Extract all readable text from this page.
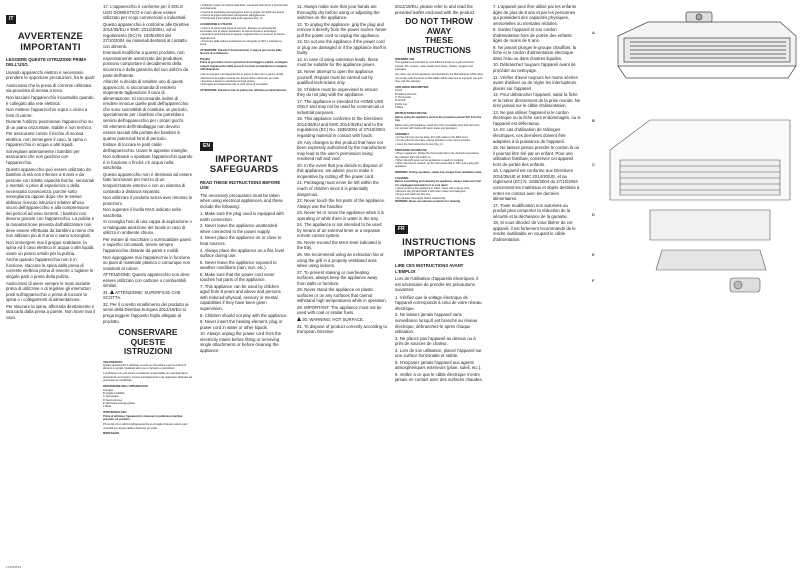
IT
AVVERTENZE
IMPORTANTI
LEGGERE QUESTE ISTRUZIONI PRIMA DELL'USO.

Usando apparecchi elettrici è necessario prendere le opportune precauzioni, fra le quali:

Assicurarsi che la presa di corrente utilizzata sia provvista di messa a terra.

Non lasciare l'apparecchio incustodito quando è collegato alla rete elettrica.

Non mettere l'apparecchio sopra o vicino a fonti di calore.

Durante l'utilizzo posizionare l'apparecchio su di un piano orizzontale, stabile e non termico.

Per assicurarsi contro il rischio di scossa elettrica, non immergere il cavo, la spina o l'apparecchio in acqua o altri liquidi.

Sorvegliare attentamente i bambini per assicurarsi che non giochino con l'apparecchio.

Questo apparecchio può essere utilizzato da bambini di età non inferiore a 8 anni e da persone con ridotte capacità fisiche, sensoriali o mentali, o prive di esperienza o della necessaria conoscenza, purché sotto sorveglianza oppure dopo che le stesse abbiano ricevuto istruzioni relative all'uso sicuro dell'apparecchio e alla comprensione dei pericoli ad esso inerenti. I bambini non devono giocare con l'apparecchio. La pulizia e la manutenzione prevista dall'utilizzatore non deve essere effettuata da bambini a meno che non abbiano più di 8 anni e siano sorvegliati.

Non immergere mai il gruppo scaldante, la spina ed il cavo elettrico in acqua o altri liquidi, usare un panno umido per la pulizia.

Anche quando l'apparecchio non è in funzione, staccare la spina dalla presa di corrente elettrica prima di inserire o togliere le singole parti o prima della pulizia.

Assicurarsi di avere sempre le mani asciutte prima di utilizzare o di regolare gli interruttori posti sull'apparecchio o prima di toccare la spina o i collegamenti di alimentazione.

Per staccare la spina, afferrarla direttamente e staccarla dalla presa a parete. Non tirare mai il cavo.

17. L'apparecchio è conforme per il SOLO USO DOMESTICO e non deve essere utilizzato per scopi commerciali o industriali.

Questo apparecchio è conforme alle Direttive 2014/35/EU e EMC 2014/30/EU, ed al regolamento (EC) N. 1935/2004 del 27/10/2004 sui materiali destinati al contatto con alimenti.

Eventuali modifiche a questo prodotto, non espressamente autorizzate dal produttore, possono comportare il decadimento della sicurezza e della garanzia del suo utilizzo da parte dell'utente.

Allorché si decida di smaltire uno di questi apparecchi, si raccomanda di renderlo inoperante tagliandone il cavo di alimentazione. Si raccomanda inoltre di rendere innocue quelle parti dell'apparecchio che sono suscettibili di costituire un pericolo, specialmente per i bambini che potrebbero servirsi dell'apparecchio per i propri giochi.

Gli elementi dell'imballaggio non devono essere lasciati alla portata dei bambini in quanto potenziali fonti di pericolo.

Evitare di toccare le parti calde dell'apparecchio. Usare le apposite maniglie.

Non sollevare o spostare l'apparecchio quando è in funzione o finché c'è acqua nella vaschetta.

Questo apparecchio non è destinato ad essere fatto funzionare per mezzo di un temporizzatore esterno o con un sistema di comando a distanza separato.

Non utilizzare il prodotto senza aver rimosso le protezioni.

Non superare il livello MAX indicato nella vaschetta.

Si consiglia l'uso di una cappa di aspirazione o un'adeguata aerazione del locale in caso di utilizzo in ambiente chiuso.

Per evitare di macchiare o surriscaldare pareti e superfici circostanti, tenere sempre l'apparecchio distante da pareti e mobili.

Non appoggiare mai l'apparecchio in funzione su piani di materiale plastico o comunque non resistenti al calore.

ATTENZIONE: Questo apparecchio non deve essere utilizzato con carbone o combustibili similari.

31.  ATTENZIONE: SUPERFICIE CHE SCOTTA.

32. Per il corretto smaltimento del prodotto ai sensi della Direttiva Europea 2012/19/EU si prega leggere l'apposito foglio allegato al prodotto.

CONSERVARE QUESTE
ISTRUZIONI
USO PREVISTO
Questo apparecchio è destinato al solo uso domestico e per la cottura di alimenti su griglia. Qualsiasi altro uso è improprio e pericoloso.
Il produttore non può essere considerato responsabile per eventuali danni derivanti da usi impropri, erronei ed irragionevoli o da riparazioni effettuate da personale non qualificato.
DESCRIZIONE DELL'APPARECCHIO
A Griglia
B Griglia rivoltabile
C Termostato
D Spia luminosa
E Vaschetta raccogli-grasso
F Base
ISTRUZIONI D'USO
Prima di utilizzare l'apparecchio rimuovere la pellicola protettiva presente sul prodotto.
Prima del primo utilizzo dell'apparecchio si consiglia di lavare tutte le parti rimovibili con acqua calda e detersivo per piatti.
MONTAGGIO
• Collocare il piano di cottura sulla base, prestando attenzione a posizionarlo correttamente.
• Inserire la vaschetta raccogli-grasso sotto la griglia; riempirla con acqua.
• Inserire la griglia sulla base nell'apposito alloggiamento.
• Posizionare il termostato nella sede apposita (Fig. C).
ACCENSIONE E UTILIZZO
• Inserire la spina nella presa di corrente. Ruotare la manopola del termostato fino al valore desiderato; la spia luminosa si accenderà.
• Quando la spia luminosa si spegne, l'apparecchio è pronto per la cottura degli alimenti.
• Al termine della cottura posizionare la manopola su OFF e staccare la spina.
ATTENZIONE: Durante il funzionamento, il vapore può uscire dalle fessure di ventilazione.
PULIZIA
Prima di procedere con le operazioni di montaggio e pulizia, scollegare sempre l'apparecchio dalla presa di corrente ed attenderne il completo raffreddamento.
• Non immergere mai l'apparecchio in acqua. Pulire con un panno umido.
• Rimuovere la griglia e lavarla con acqua calda e detersivo per piatti.
• Svuotare e lavare la vaschetta raccogli-grasso.
• Asciugare accuratamente tutte le parti prima di rimontarle.
ATTENZIONE: Durante le fasi di pulizia non utilizzare prodotti abrasivi.
EN
IMPORTANT
SAFEGUARDS
READ THESE INSTRUCTIONS BEFORE USE
The necessary precautions must be taken when using electrical appliances, and these include the following:

1. Make sure the plug used is equipped with earth connection.

2. Never leave the appliance unattended when connected to the power supply.

3. Never place the appliance on or close to heat sources.

4. Always place the appliance on a flat, level surface during use.

5. Never leave the appliance exposed to weather conditions (rain, sun, etc.).

6. Make sure that the power cord never touches hot parts of the appliance.

7. This appliance can be used by children aged from 8 years and above and persons with reduced physical, sensory or mental capabilities if they have been given supervision.

8. Children should not play with the appliance.

9. Never insert the heating element, plug or power cord in water or other liquids.

10. Always unplug the power cord from the electricity mains before fitting or removing single attachments or before cleaning the appliance.

11. Always make sure that your hands are thoroughly dry before using or adjusting the switches on the appliance.

12. To unplug the appliance, grip the plug and remove it directly from the power socket. Never pull the power cord to unplug the appliance.

13. Do not use the appliance if the power cord or plug are damaged or if the appliance itself is faulty.

14. In case of using extension leads, these must be suitable for the appliance power.

15. Never attempt to open the appliance yourself. Repairs must be carried out by qualified technicians only.

16. Children must be supervised to ensure they do not play with the appliance.

17. The appliance is intended for HOME USE ONLY and may not be used for commercial or industrial purposes.

18. This appliance conforms to the Directives 2014/35/EU and EMC 2014/30/EU and to the regulations (EC) No. 1935/2004 of 27/10/2004 regarding material in contact with foods.

19. Any changes to this product that have not been expressly authorised by the manufacturer may lead to the user's permission being rendered null and void.

20. In the event that you decide to dispose of this appliance, we advise you to make it inoperative by cutting off the power cord.

21. Packaging must never be left within the reach of children since it is potentially dangerous.

22. Never touch the hot parts of the appliance. Always use the handles.

23. Never let or move the appliance when it is operating or while there is water in the tray.

24. The appliance is not intended to be used by means of an external timer or a separate remote control system.

25. Never exceed the MAX level indicated in the tray.

26. We recommend using an extraction fan or using the grill in a properly ventilated area when using indoors.

27. To prevent staining or overheating surfaces, always keep the appliance away from walls or furniture.

28. Never stand the appliance on plastic surfaces or on any surfaces that cannot withstand high temperatures while in operation.

29. IMPORTANT: The appliance must not be used with coal or similar fuels.

30. WARNING: HOT SURFACE.

31. To dispose of product correctly according to European Directive

2012/19/EU, please refer to and read the provided leaflet enclosed with the product.

DO NOT THROW AWAY
THESE INSTRUCTIONS
INTENDED USE
This appliance is intended to cook different foods on a grill and these include: fish, prawns, meat, steaks and chops, chicken, burgers and sausages.
Any other use of this appliance not intended by the Manufacturer which does not comply with the terms of this leaflet will be deemed as improper use and may void the warranty.
APPLIANCE DESCRIPTION
A Grill
B Heating element
C Thermostat
D On/Off
E Drip tray
F Base
INSTRUCTIONS FOR USE
Before using the appliance remove the protective plastic film from the tray.
Before using the appliance, wash all of the removable parts that will come into contact with foods with warm water and detergent.
ASSEMBLY
• Fit the drip tray into the base; fill it with water to the MAX level.
• Fit the grill onto the base, paying attention to the correct position.
• Insert the thermostat into its slot (Fig. C).
SWITCHING ON AND USE
• Plug in appliance. Rotate the thermostat dial to the desired temperature; the indicator light will switch on.
• When the light goes out the appliance is ready for cooking.
• When the food is cooked, set the thermostat dial to OFF and unplug the appliance.
WARNING: During operation, steam may escape from ventilation slots.
CLEANING
Before assembling and cleaning the appliance, always make sure that it is unplugged and wait for it to cool down.
• Never immerse the appliance in water. Clean with a damp cloth.
• Remove the grill and wash it with warm water and detergent.
• Empty and wash the drip tray.
• Dry all parts thoroughly before reassembly.
WARNING: Never use abrasive products for cleaning.
FR
INSTRUCTIONS
IMPORTANTES
LIRE CES INSTRUCTIONS AVANT L'EMPLOI
Lors de l'utilisation d'appareils électriques, il est nécessaire de prendre les précautions suivantes:

1. Vérifiez que la voltage électrique de l'appareil corresponds à celui de votre réseau électrique.

2. Ne laissez jamais l'appareil sans surveillance lorsqu'il est branché au réseau électrique; débranchez-le après chaque utilisation.

3. Ne placez pas l'appareil au dessus ou à près de sources de chaleur.

4. Lors de son utilisation, placez l'appareil sur une surface horizontale et stable.

5. N'exposez jamais l'appareil aux agents atmosphériques extérieurs (pluie, soleil, etc.).

6. Veillez à ce que le câble électrique n'entre jamais en contact avec des surfaces chaudes.

7. L'appareil peut être utilisé par les enfants âgés de plus de 8 ans et par les personnes qui possèdent des capacités physiques, sensorielles ou mentales réduites.

8. Garder l'appareil et son cordon d'alimentation hors de portée des enfants âgés de moins de 8 ans.

9. Ne jamais plonger le groupe chauffant, la fiche et le cordon d'alimentation électrique dans l'eau ou dans d'autres liquides.

10. Débranchez toujours l'appareil avant de procéder au nettoyage.

11. Vérifier d'avoir toujours les mains sèches avant d'utiliser ou de régler les interrupteurs placés sur l'appareil.

12. Pour débrancher l'appareil, saisir la fiche et la retirer directement de la prise murale. Ne tirez jamais sur le câble d'alimentation.

13. Ne pas utiliser l'appareil si le cordon électrique ou la fiche sont endommagés, ou si l'appareil est défectueux.

14. En cas d'utilisation de rallonges électriques, ces dernières doivent être adaptées à la puissance de l'appareil.

15. Ne laissez jamais prendre le cordon là où il pourrait être tiré par un enfant. Pour une utilisation familiale, conservez cet appareil hors de portée des enfants.

16. L'appareil est conforme aux Directives 2014/35/UE et EMC 2014/30/UE, et au règlement (EC) N. 1935/2004 du 27/10/2004 concernant les matériaux et objets destinés à entrer en contact avec les denrées alimentaires.

17. Toute modification non autorisée au produit peut comporter la réduction de la sécurité et la déchéance de la garantie.

18. Si vous décidez de vous libérer de cet appareil, il est fortement recommandé de le rendre inutilisable en coupant le câble d'alimentation.

A
B
C
D
E
F
174515513
